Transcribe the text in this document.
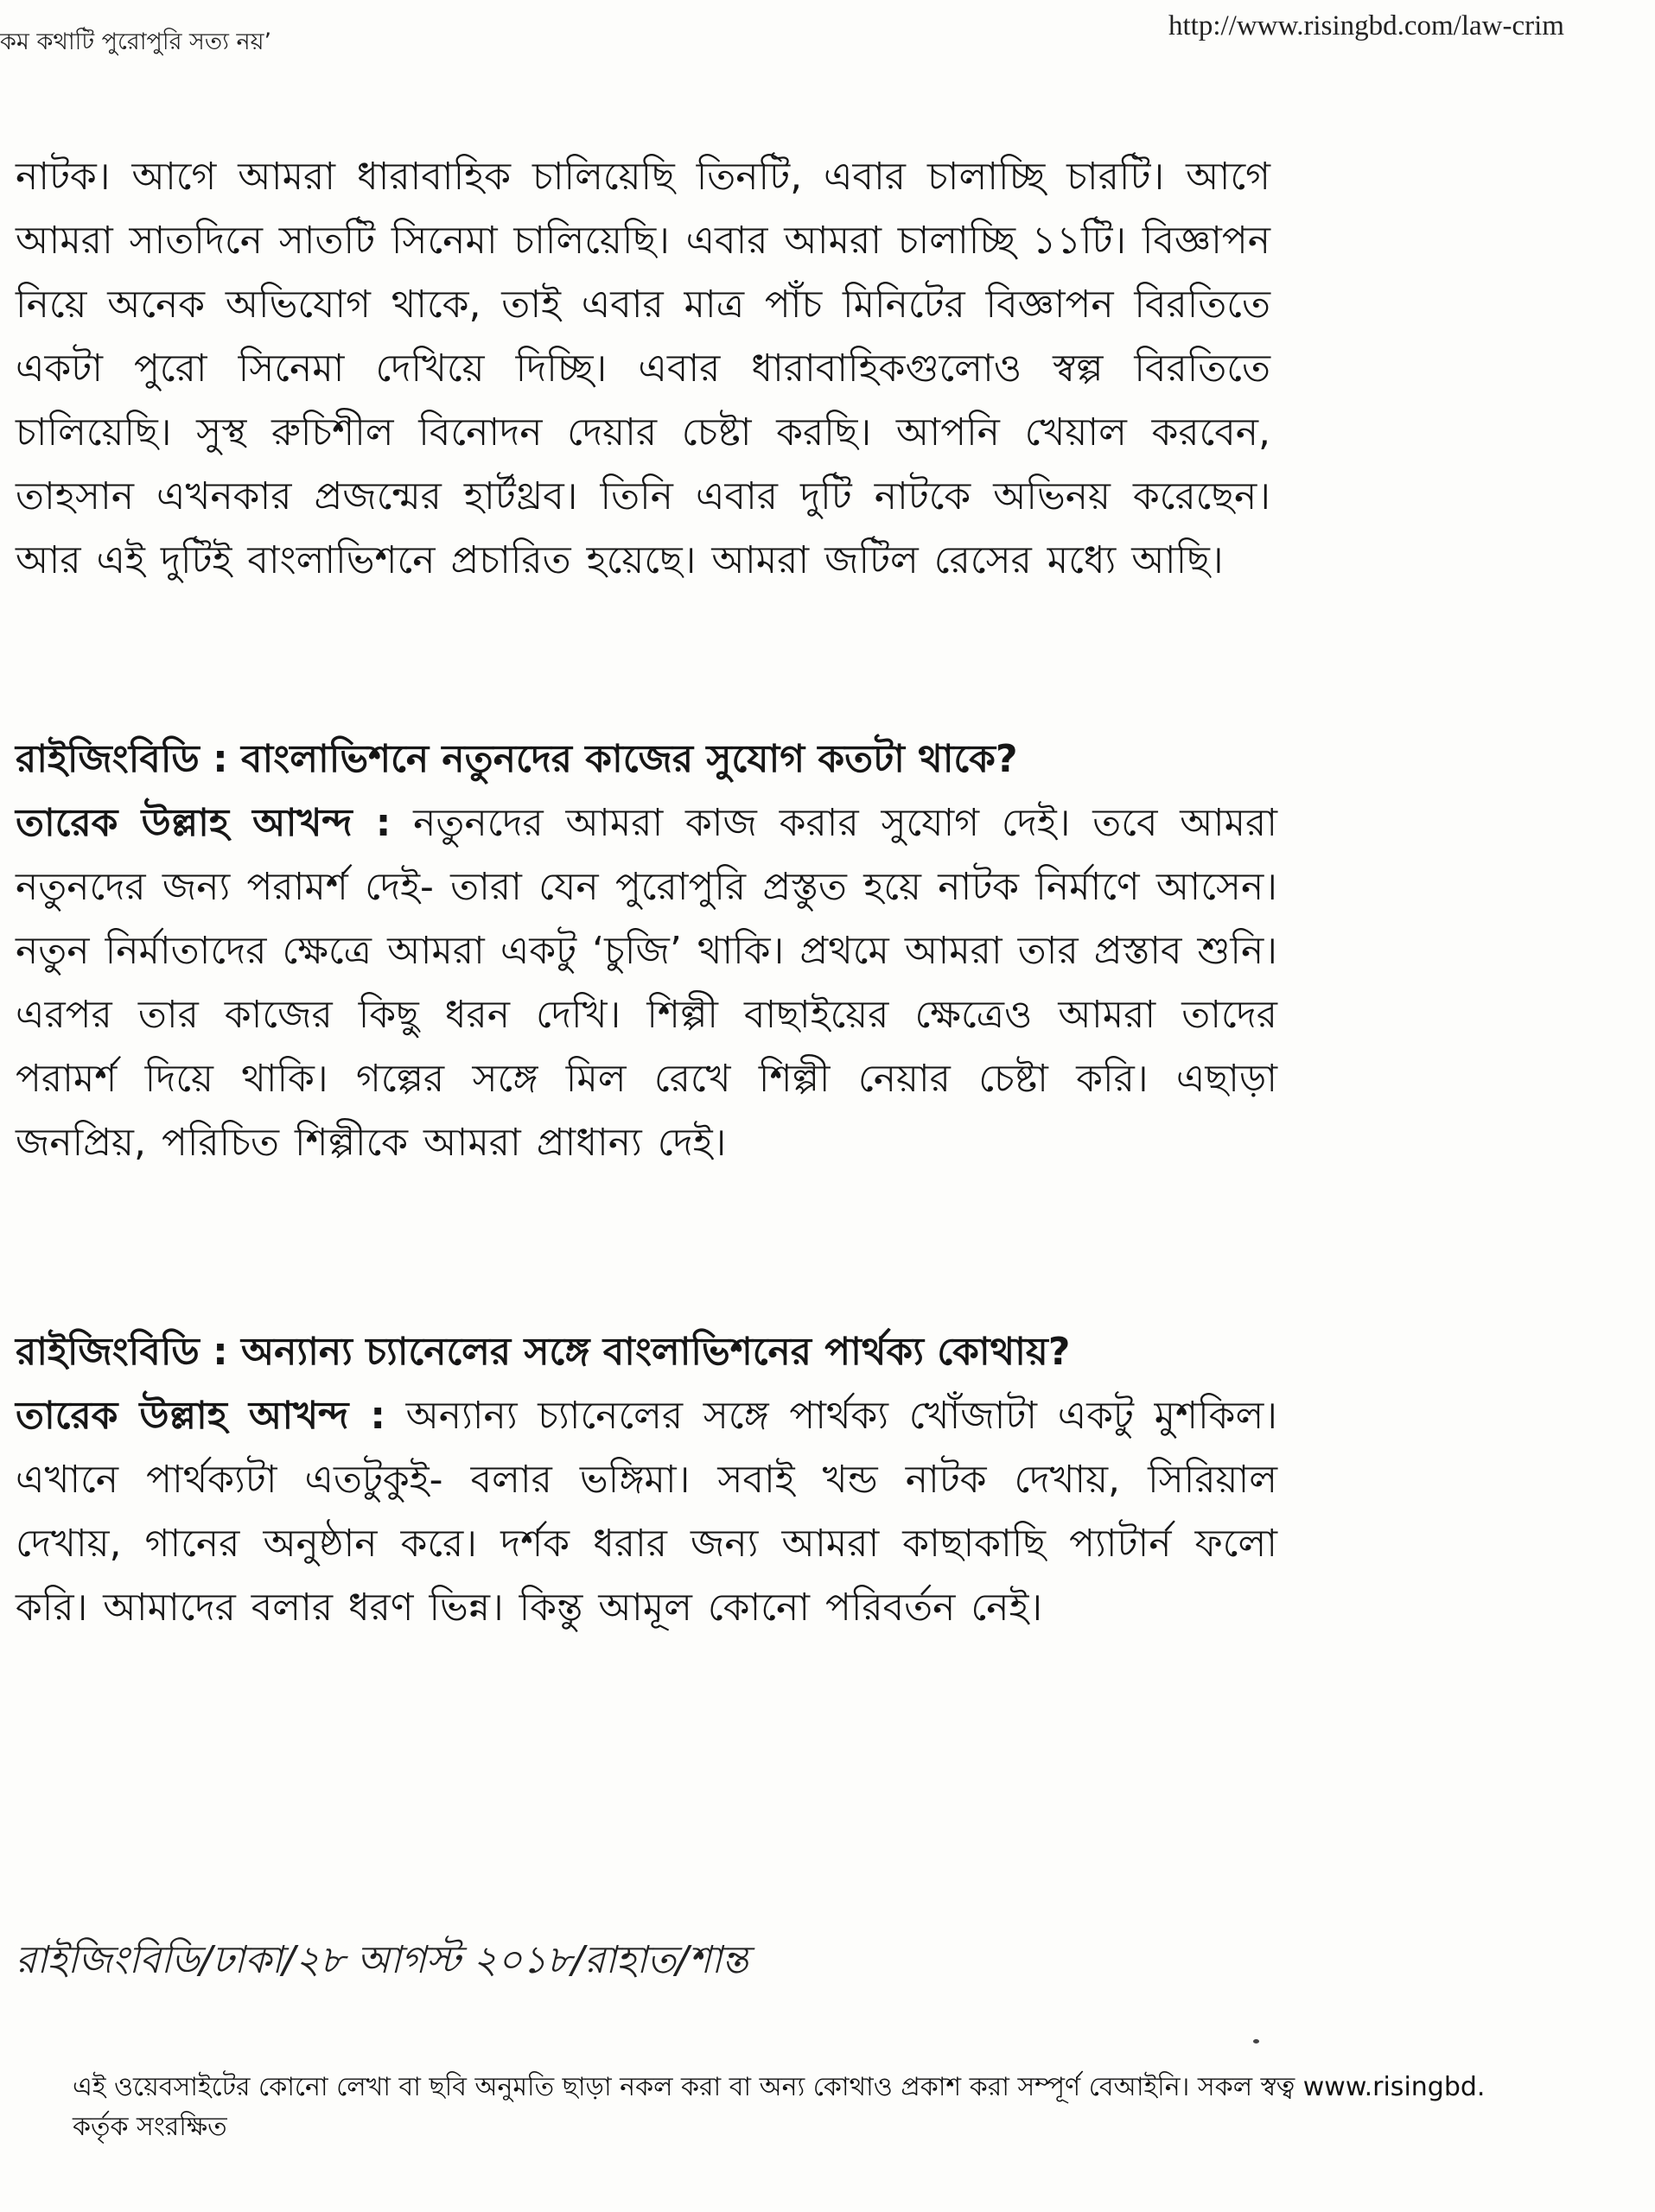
কম কথাটি পুরোপুরি সত্য নয়’
http://www.risingbd.com/law-crim
নাটক। আগে আমরা ধারাবাহিক চালিয়েছি তিনটি, এবার চালাচ্ছি চারটি। আগে আমরা সাতদিনে সাতটি সিনেমা চালিয়েছি। এবার আমরা চালাচ্ছি ১১টি। বিজ্ঞাপন নিয়ে অনেক অভিযোগ থাকে, তাই এবার মাত্র পাঁচ মিনিটের বিজ্ঞাপন বিরতিতে একটা পুরো সিনেমা দেখিয়ে দিচ্ছি। এবার ধারাবাহিকগুলোও স্বল্প বিরতিতে চালিয়েছি। সুস্থ রুচিশীল বিনোদন দেয়ার চেষ্টা করছি। আপনি খেয়াল করবেন, তাহসান এখনকার প্রজন্মের হার্টথ্রব। তিনি এবার দুটি নাটকে অভিনয় করেছেন। আর এই দুটিই বাংলাভিশনে প্রচারিত হয়েছে। আমরা জটিল রেসের মধ্যে আছি।
রাইজিংবিডি : বাংলাভিশনে নতুনদের কাজের সুযোগ কতটা থাকে?
তারেক উল্লাহ আখন্দ : নতুনদের আমরা কাজ করার সুযোগ দেই। তবে আমরা নতুনদের জন্য পরামর্শ দেই- তারা যেন পুরোপুরি প্রস্তুত হয়ে নাটক নির্মাণে আসেন। নতুন নির্মাতাদের ক্ষেত্রে আমরা একটু ‘চুজি’ থাকি। প্রথমে আমরা তার প্রস্তাব শুনি। এরপর তার কাজের কিছু ধরন দেখি। শিল্পী বাছাইয়ের ক্ষেত্রেও আমরা তাদের পরামর্শ দিয়ে থাকি। গল্পের সঙ্গে মিল রেখে শিল্পী নেয়ার চেষ্টা করি। এছাড়া জনপ্রিয়, পরিচিত শিল্পীকে আমরা প্রাধান্য দেই।
রাইজিংবিডি : অন্যান্য চ্যানেলের সঙ্গে বাংলাভিশনের পার্থক্য কোথায়?
তারেক উল্লাহ আখন্দ : অন্যান্য চ্যানেলের সঙ্গে পার্থক্য খোঁজাটা একটু মুশকিল। এখানে পার্থক্যটা এতটুকুই- বলার ভঙ্গিমা। সবাই খন্ড নাটক দেখায়, সিরিয়াল দেখায়, গানের অনুষ্ঠান করে। দর্শক ধরার জন্য আমরা কাছাকাছি প্যাটার্ন ফলো করি। আমাদের বলার ধরণ ভিন্ন। কিন্তু আমূল কোনো পরিবর্তন নেই।
রাইজিংবিডি/ঢাকা/২৮ আগস্ট ২০১৮/রাহাত/শান্ত
এই ওয়েবসাইটের কোনো লেখা বা ছবি অনুমতি ছাড়া নকল করা বা অন্য কোথাও প্রকাশ করা সম্পূর্ণ বেআইনি। সকল স্বত্ব www.risingbd.
কর্তৃক সংরক্ষিত
